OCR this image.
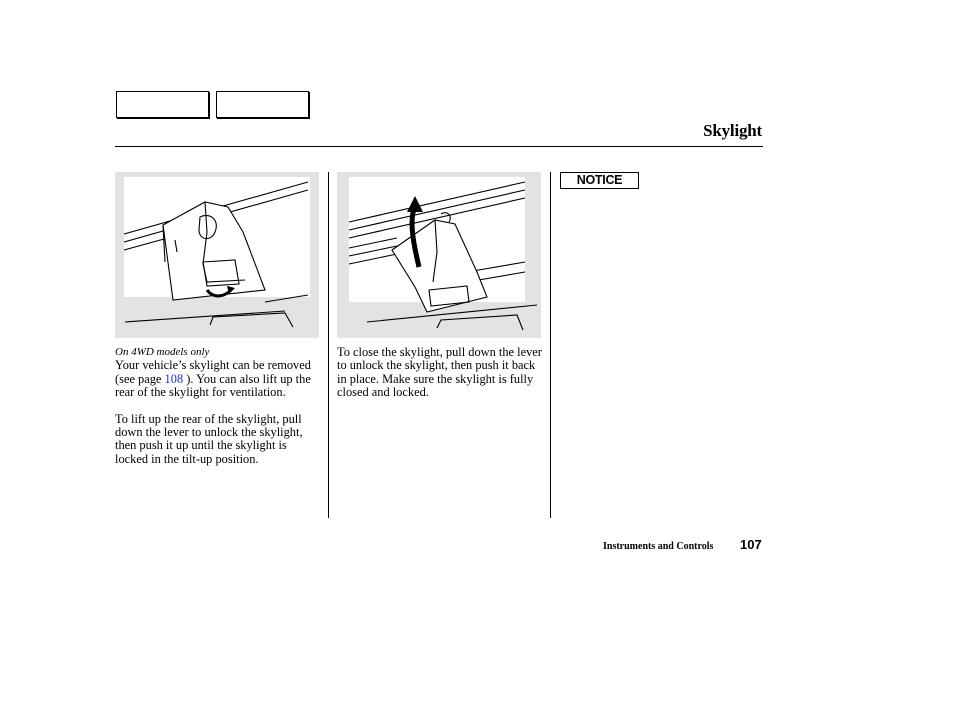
Skylight

On 4WD models only

Your vehicle’s skylight can be removed (see page 108 ). You can also lift up the rear of the skylight for ventilation.

To lift up the rear of the skylight, pull down the lever to unlock the skylight, then push it up until the skylight is locked in the tilt-up position.

To close the skylight, pull down the lever to unlock the skylight, then push it back in place. Make sure the skylight is fully closed and locked.

NOTICE
Instruments and Controls 107
